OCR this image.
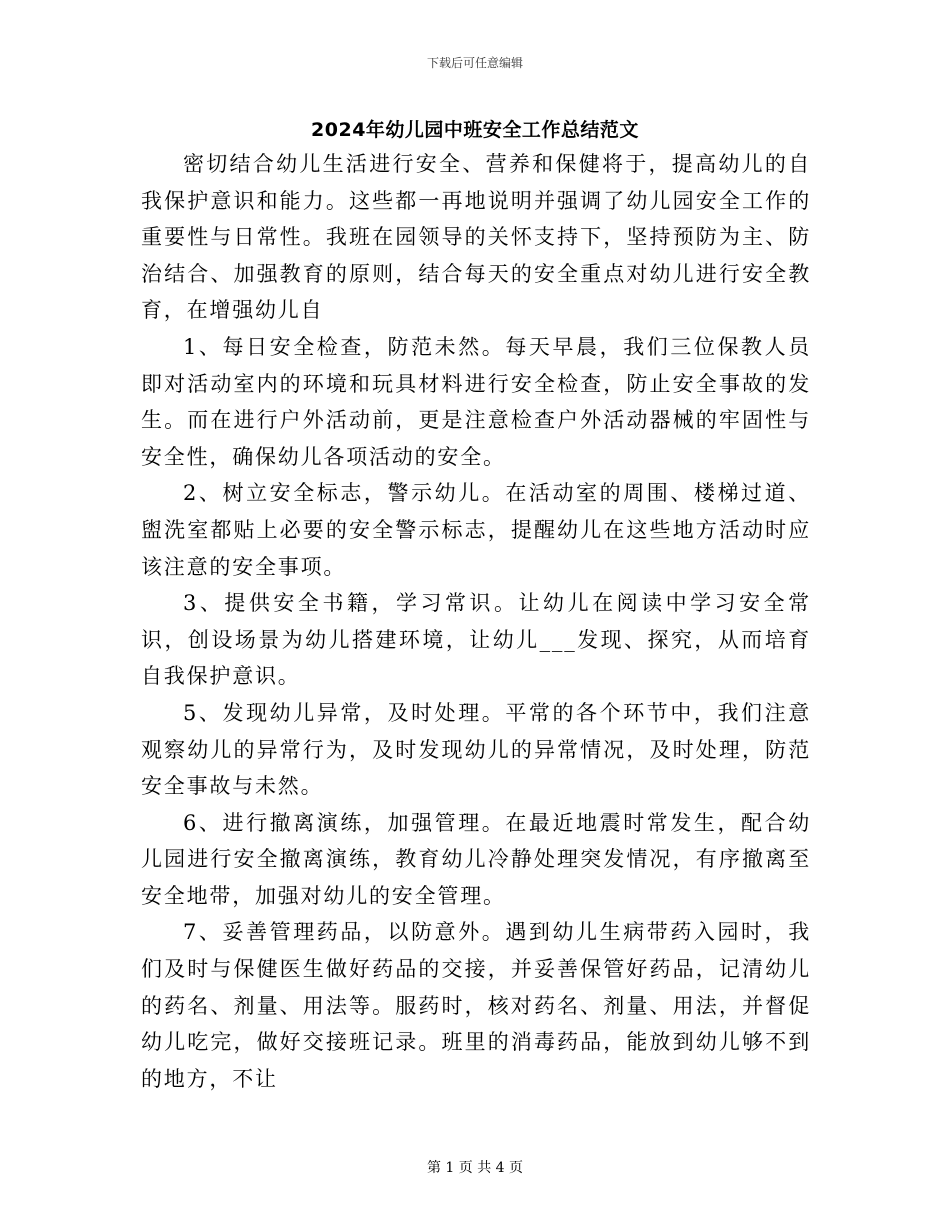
下载后可任意编辑
2024年幼儿园中班安全工作总结范文

密切结合幼儿生活进行安全、营养和保健将于，提高幼儿的自我保护意识和能力。这些都一再地说明并强调了幼儿园安全工作的重要性与日常性。我班在园领导的关怀支持下，坚持预防为主、防治结合、加强教育的原则，结合每天的安全重点对幼儿进行安全教育，在增强幼儿自

1、每日安全检查，防范未然。每天早晨，我们三位保教人员即对活动室内的环境和玩具材料进行安全检查，防止安全事故的发生。而在进行户外活动前，更是注意检查户外活动器械的牢固性与安全性，确保幼儿各项活动的安全。

2、树立安全标志，警示幼儿。在活动室的周围、楼梯过道、盥洗室都贴上必要的安全警示标志，提醒幼儿在这些地方活动时应该注意的安全事项。

3、提供安全书籍，学习常识。让幼儿在阅读中学习安全常识，创设场景为幼儿搭建环境，让幼儿___发现、探究，从而培育自我保护意识。

5、发现幼儿异常，及时处理。平常的各个环节中，我们注意观察幼儿的异常行为，及时发现幼儿的异常情况，及时处理，防范安全事故与未然。

6、进行撤离演练，加强管理。在最近地震时常发生，配合幼儿园进行安全撤离演练，教育幼儿冷静处理突发情况，有序撤离至安全地带，加强对幼儿的安全管理。

7、妥善管理药品，以防意外。遇到幼儿生病带药入园时，我们及时与保健医生做好药品的交接，并妥善保管好药品，记清幼儿的药名、剂量、用法等。服药时，核对药名、剂量、用法，并督促幼儿吃完，做好交接班记录。班里的消毒药品，能放到幼儿够不到的地方，不让

第 1 页 共 4 页
